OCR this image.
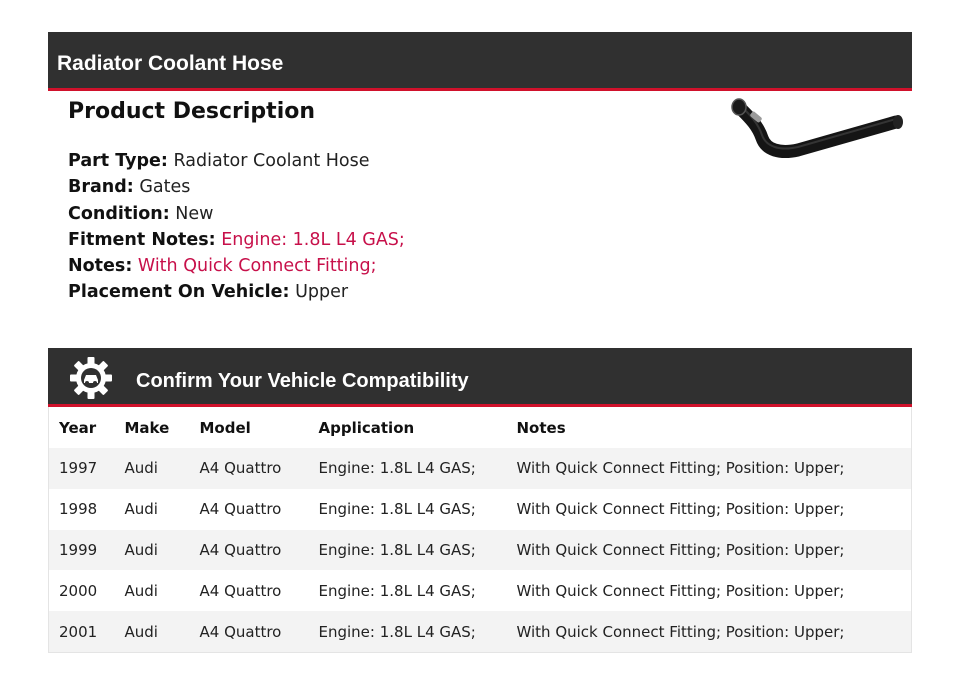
Radiator Coolant Hose
Product Description
Part Type: Radiator Coolant Hose
Brand: Gates
Condition: New
Fitment Notes: Engine: 1.8L L4 GAS;
Notes: With Quick Connect Fitting;
Placement On Vehicle: Upper
Confirm Your Vehicle Compatibility
Year	Make	Model	Application	Notes
1997	Audi	A4 Quattro	Engine: 1.8L L4 GAS;	With Quick Connect Fitting; Position: Upper;
1998	Audi	A4 Quattro	Engine: 1.8L L4 GAS;	With Quick Connect Fitting; Position: Upper;
1999	Audi	A4 Quattro	Engine: 1.8L L4 GAS;	With Quick Connect Fitting; Position: Upper;
2000	Audi	A4 Quattro	Engine: 1.8L L4 GAS;	With Quick Connect Fitting; Position: Upper;
2001	Audi	A4 Quattro	Engine: 1.8L L4 GAS;	With Quick Connect Fitting; Position: Upper;
